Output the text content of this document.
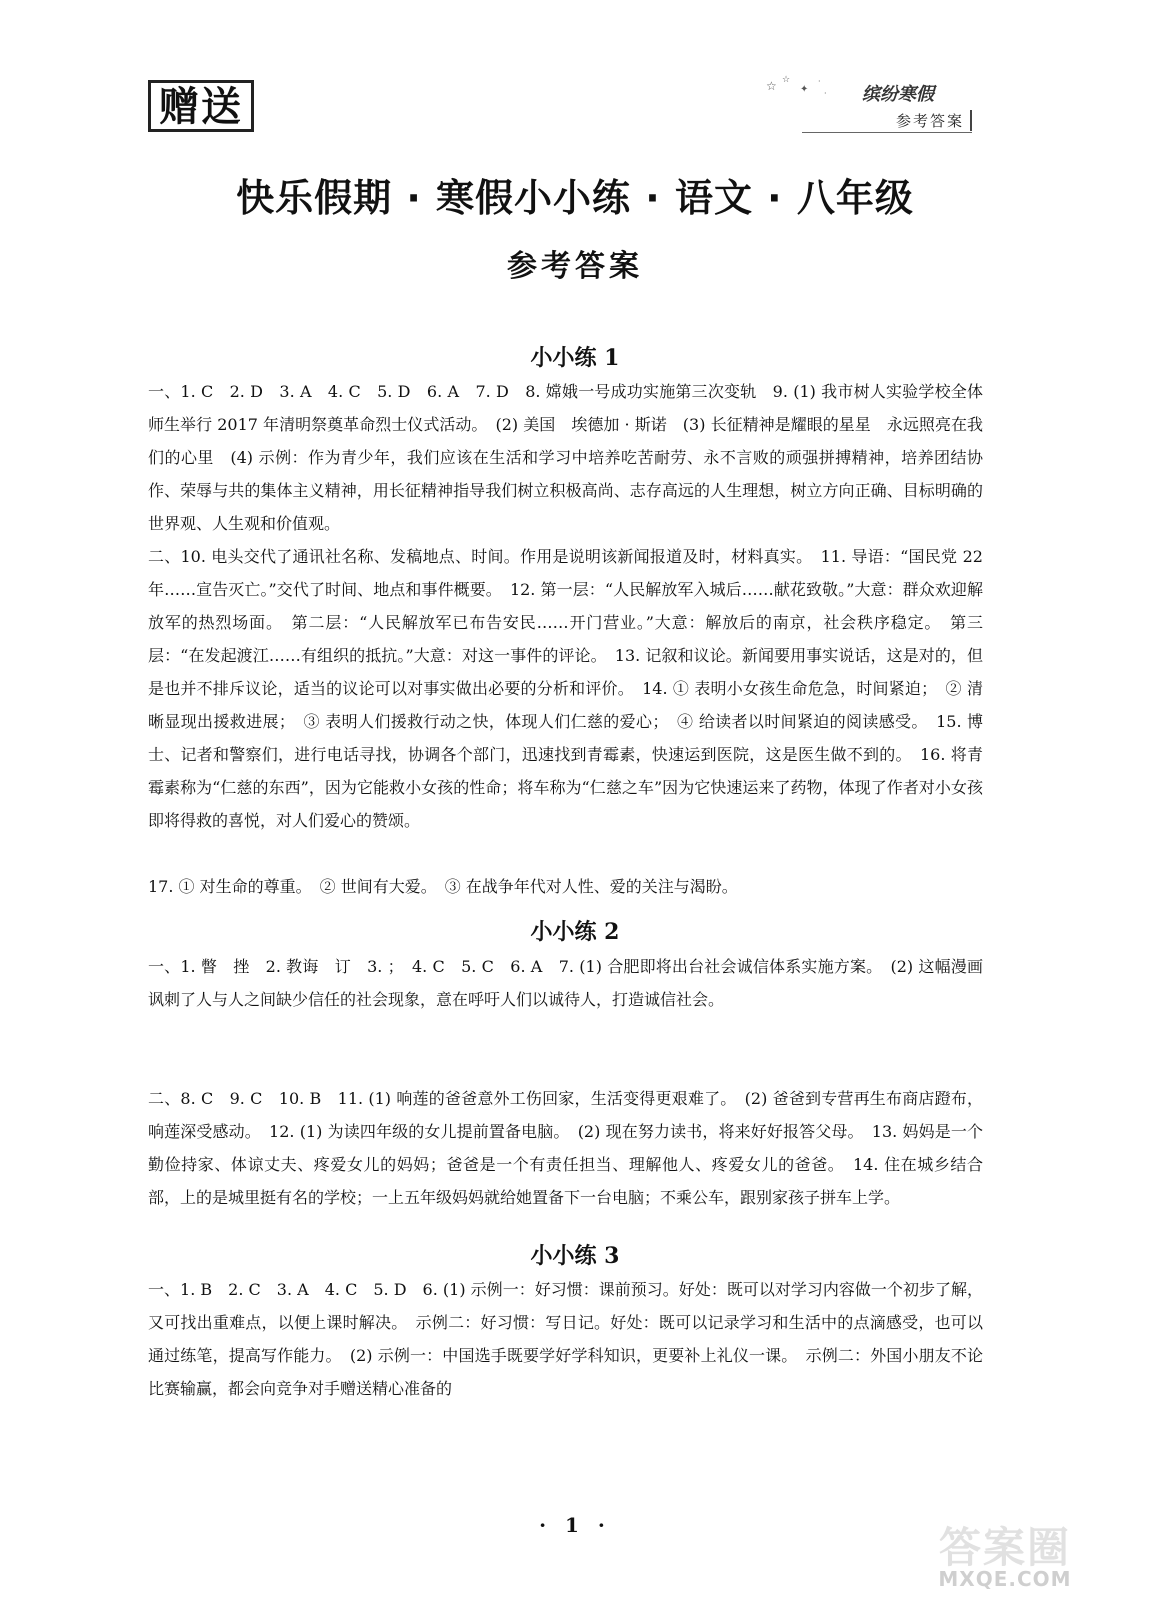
赠送	☆ ☆
✦
·
· 缤纷寒假
参考答案
快乐假期 · 寒假小小练 · 语文 · 八年级
参考答案
小小练 1
一、1. C　2. D　3. A　4. C　5. D　6. A　7. D　8. 嫦娥一号成功实施第三次变轨　9. (1) 我市树人实验学校全体师生举行 2017 年清明祭奠革命烈士仪式活动。　(2) 美国　埃德加 · 斯诺　(3) 长征精神是耀眼的星星　永远照亮在我们的心里　(4) 示例：作为青少年，我们应该在生活和学习中培养吃苦耐劳、永不言败的顽强拼搏精神，培养团结协作、荣辱与共的集体主义精神，用长征精神指导我们树立积极高尚、志存高远的人生理想，树立方向正确、目标明确的世界观、人生观和价值观。
二、10. 电头交代了通讯社名称、发稿地点、时间。作用是说明该新闻报道及时，材料真实。　11. 导语：“国民党 22 年……宣告灭亡。”交代了时间、地点和事件概要。　12. 第一层：“人民解放军入城后……献花致敬。”大意：群众欢迎解放军的热烈场面。　第二层：“人民解放军已布告安民……开门营业。”大意：解放后的南京，社会秩序稳定。　第三层：“在发起渡江……有组织的抵抗。”大意：对这一事件的评论。　13. 记叙和议论。新闻要用事实说话，这是对的，但是也并不排斥议论，适当的议论可以对事实做出必要的分析和评价。　14. ① 表明小女孩生命危急，时间紧迫；　② 清晰显现出援救进展；　③ 表明人们援救行动之快，体现人们仁慈的爱心；　④ 给读者以时间紧迫的阅读感受。　15. 博士、记者和警察们，进行电话寻找，协调各个部门，迅速找到青霉素，快速运到医院，这是医生做不到的。　16. 将青霉素称为“仁慈的东西”，因为它能救小女孩的性命；将车称为“仁慈之车”因为它快速运来了药物，体现了作者对小女孩即将得救的喜悦，对人们爱心的赞颂。
17. ① 对生命的尊重。　② 世间有大爱。　③ 在战争年代对人性、爱的关注与渴盼。
小小练 2
一、1. 瞥　挫　2. 教诲　订　3. ；　4. C　5. C　6. A　7. (1) 合肥即将出台社会诚信体系实施方案。　(2) 这幅漫画讽刺了人与人之间缺少信任的社会现象，意在呼吁人们以诚待人，打造诚信社会。
二、8. C　9. C　10. B　11. (1) 响莲的爸爸意外工伤回家，生活变得更艰难了。　(2) 爸爸到专营再生布商店蹬布，响莲深受感动。　12. (1) 为读四年级的女儿提前置备电脑。　(2) 现在努力读书，将来好好报答父母。　13. 妈妈是一个勤俭持家、体谅丈夫、疼爱女儿的妈妈；爸爸是一个有责任担当、理解他人、疼爱女儿的爸爸。　14. 住在城乡结合部，上的是城里挺有名的学校；一上五年级妈妈就给她置备下一台电脑；不乘公车，跟别家孩子拼车上学。
小小练 3
一、1. B　2. C　3. A　4. C　5. D　6. (1) 示例一：好习惯：课前预习。好处：既可以对学习内容做一个初步了解，又可找出重难点，以便上课时解决。　示例二：好习惯：写日记。好处：既可以记录学习和生活中的点滴感受，也可以通过练笔，提高写作能力。　(2) 示例一：中国选手既要学好学科知识，更要补上礼仪一课。　示例二：外国小朋友不论比赛输赢，都会向竞争对手赠送精心准备的
· 1 ·	答案圈
MXQE.COM
